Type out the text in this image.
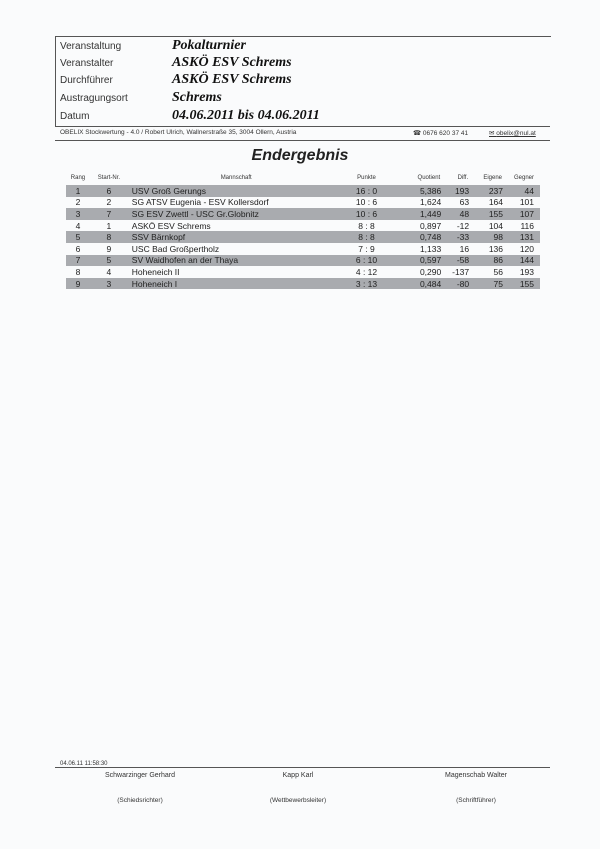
Veranstaltung	Pokalturnier
Veranstalter	ASKÖ ESV Schrems
Durchführer	ASKÖ ESV Schrems
Austragungsort	Schrems
Datum	04.06.2011 bis 04.06.2011
OBELIX Stockwertung - 4.0 / Robert Ulrich, Wallnerstraße 35, 3004 Ollern, Austria	☎ 0676 620 37 41	✉ obelix@nul.at
Endergebnis
Rang	Start-Nr.	Mannschaft	Punkte	Quotient	Diff.	Eigene	Gegner
1	6	USV Groß Gerungs	16 : 0	5,386	193	237	44
2	2	SG ATSV Eugenia - ESV Kollersdorf	10 : 6	1,624	63	164	101
3	7	SG ESV Zwettl - USC Gr.Globnitz	10 : 6	1,449	48	155	107
4	1	ASKÖ ESV Schrems	8 : 8	0,897	-12	104	116
5	8	SSV Bärnkopf	8 : 8	0,748	-33	98	131
6	9	USC Bad Großpertholz	7 : 9	1,133	16	136	120
7	5	SV Waidhofen an der Thaya	6 : 10	0,597	-58	86	144
8	4	Hoheneich II	4 : 12	0,290	-137	56	193
9	3	Hoheneich I	3 : 13	0,484	-80	75	155
04.06.11 11:58:30
Schwarzinger Gerhard	Kapp Karl	Magenschab Walter
(Schiedsrichter)	(Wettbewerbsleiter)	(Schriftführer)
